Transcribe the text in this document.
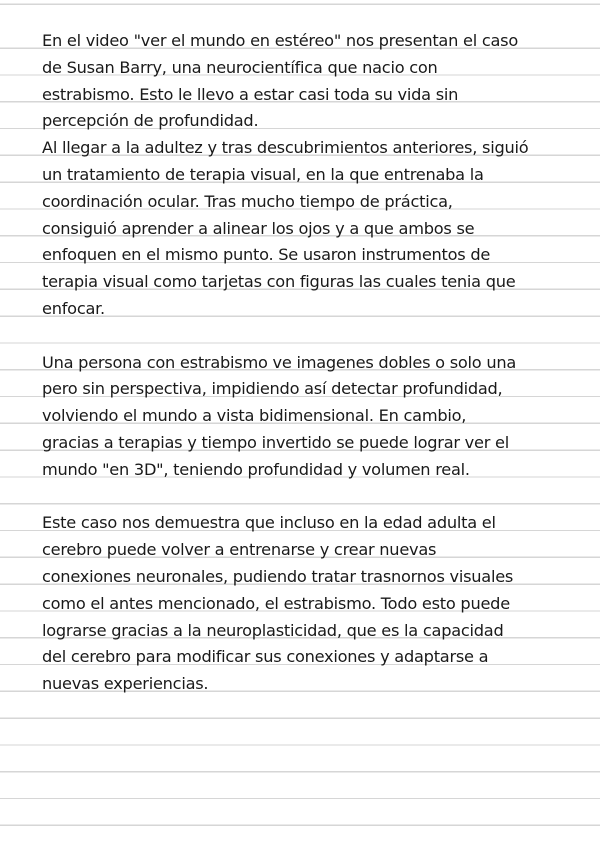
En el video "ver el mundo en estéreo" nos presentan el caso
de Susan Barry, una neurocientífica que nacio con
estrabismo. Esto le llevo a estar casi toda su vida sin
percepción de profundidad.
Al llegar a la adultez y tras descubrimientos anteriores, siguió
un tratamiento de terapia visual, en la que entrenaba la
coordinación ocular. Tras mucho tiempo de práctica,
consiguió aprender a alinear los ojos y a que ambos se
enfoquen en el mismo punto. Se usaron instrumentos de
terapia visual como tarjetas con figuras las cuales tenia que
enfocar.
Una persona con estrabismo ve imagenes dobles o solo una
pero sin perspectiva, impidiendo así detectar profundidad,
volviendo el mundo a vista bidimensional. En cambio,
gracias a terapias y tiempo invertido se puede lograr ver el
mundo "en 3D", teniendo profundidad y volumen real.
Este caso nos demuestra que incluso en la edad adulta el
cerebro puede volver a entrenarse y crear nuevas
conexiones neuronales, pudiendo tratar trasnornos visuales
como el antes mencionado, el estrabismo. Todo esto puede
lograrse gracias a la neuroplasticidad, que es la capacidad
del cerebro para modificar sus conexiones y adaptarse a
nuevas experiencias.
